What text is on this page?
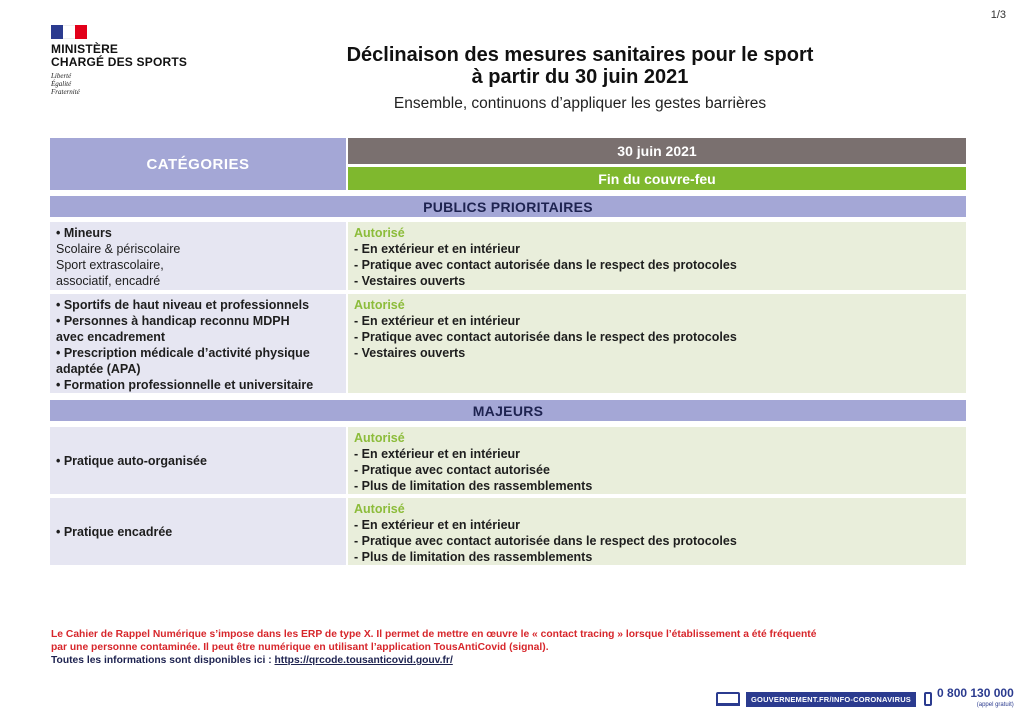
1/3
MINISTÈRE
CHARGÉ DES SPORTS
Liberté
Égalité
Fraternité
Déclinaison des mesures sanitaires pour le sport
à partir du 30 juin 2021
Ensemble, continuons d’appliquer les gestes barrières
CATÉGORIES
30 juin 2021
Fin du couvre-feu
PUBLICS PRIORITAIRES
• Mineurs
Scolaire & périscolaire
Sport extrascolaire,
associatif, encadré
Autorisé
- En extérieur et en intérieur
- Pratique avec contact autorisée dans le respect des protocoles
- Vestaires ouverts
• Sportifs de haut niveau et professionnels
• Personnes à handicap reconnu MDPH
avec encadrement
• Prescription médicale d’activité physique
adaptée (APA)
• Formation professionnelle et universitaire
Autorisé
- En extérieur et en intérieur
- Pratique avec contact autorisée dans le respect des protocoles
- Vestaires ouverts
MAJEURS
• Pratique auto-organisée
Autorisé
- En extérieur et en intérieur
- Pratique avec contact autorisée
- Plus de limitation des rassemblements
• Pratique encadrée
Autorisé
- En extérieur et en intérieur
- Pratique avec contact autorisée dans le respect des protocoles
- Plus de limitation des rassemblements
Le Cahier de Rappel Numérique s’impose dans les ERP de type X. Il permet de mettre en œuvre le « contact tracing » lorsque l’établissement a été fréquenté
par une personne contaminée. Il peut être numérique en utilisant l’application TousAntiCovid (signal).
Toutes les informations sont disponibles ici : https://qrcode.tousanticovid.gouv.fr/
GOUVERNEMENT.FR/INFO-CORONAVIRUS	0 800 130 000
(appel gratuit)
